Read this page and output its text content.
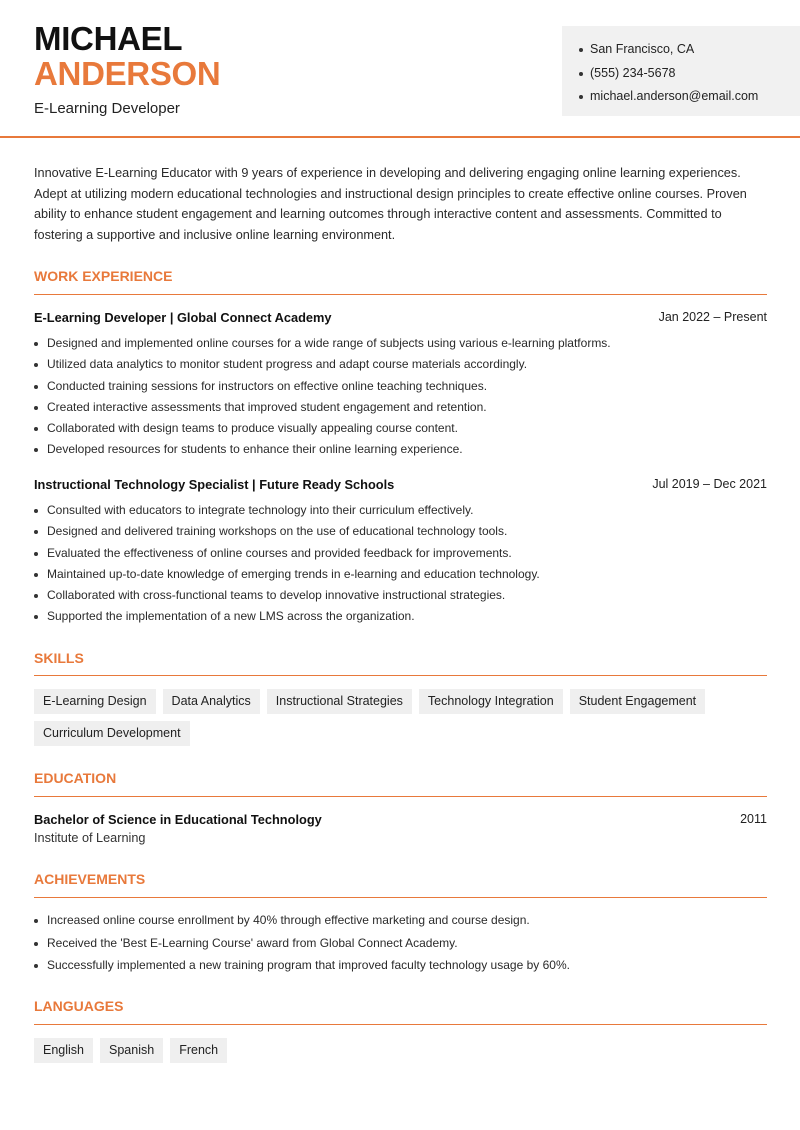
MICHAEL
ANDERSON
E-Learning Developer
San Francisco, CA
(555) 234-5678
michael.anderson@email.com
Innovative E-Learning Educator with 9 years of experience in developing and delivering engaging online learning experiences. Adept at utilizing modern educational technologies and instructional design principles to create effective online courses. Proven ability to enhance student engagement and learning outcomes through interactive content and assessments. Committed to fostering a supportive and inclusive online learning environment.
WORK EXPERIENCE
E-Learning Developer | Global Connect Academy	Jan 2022 – Present
Designed and implemented online courses for a wide range of subjects using various e-learning platforms.
Utilized data analytics to monitor student progress and adapt course materials accordingly.
Conducted training sessions for instructors on effective online teaching techniques.
Created interactive assessments that improved student engagement and retention.
Collaborated with design teams to produce visually appealing course content.
Developed resources for students to enhance their online learning experience.
Instructional Technology Specialist | Future Ready Schools	Jul 2019 – Dec 2021
Consulted with educators to integrate technology into their curriculum effectively.
Designed and delivered training workshops on the use of educational technology tools.
Evaluated the effectiveness of online courses and provided feedback for improvements.
Maintained up-to-date knowledge of emerging trends in e-learning and education technology.
Collaborated with cross-functional teams to develop innovative instructional strategies.
Supported the implementation of a new LMS across the organization.
SKILLS
E-Learning Design Data Analytics Instructional Strategies Technology Integration Student EngagementCurriculum Development
EDUCATION
Bachelor of Science in Educational Technology	2011
Institute of Learning
ACHIEVEMENTS
Increased online course enrollment by 40% through effective marketing and course design.
Received the 'Best E-Learning Course' award from Global Connect Academy.
Successfully implemented a new training program that improved faculty technology usage by 60%.
LANGUAGES
English Spanish French
